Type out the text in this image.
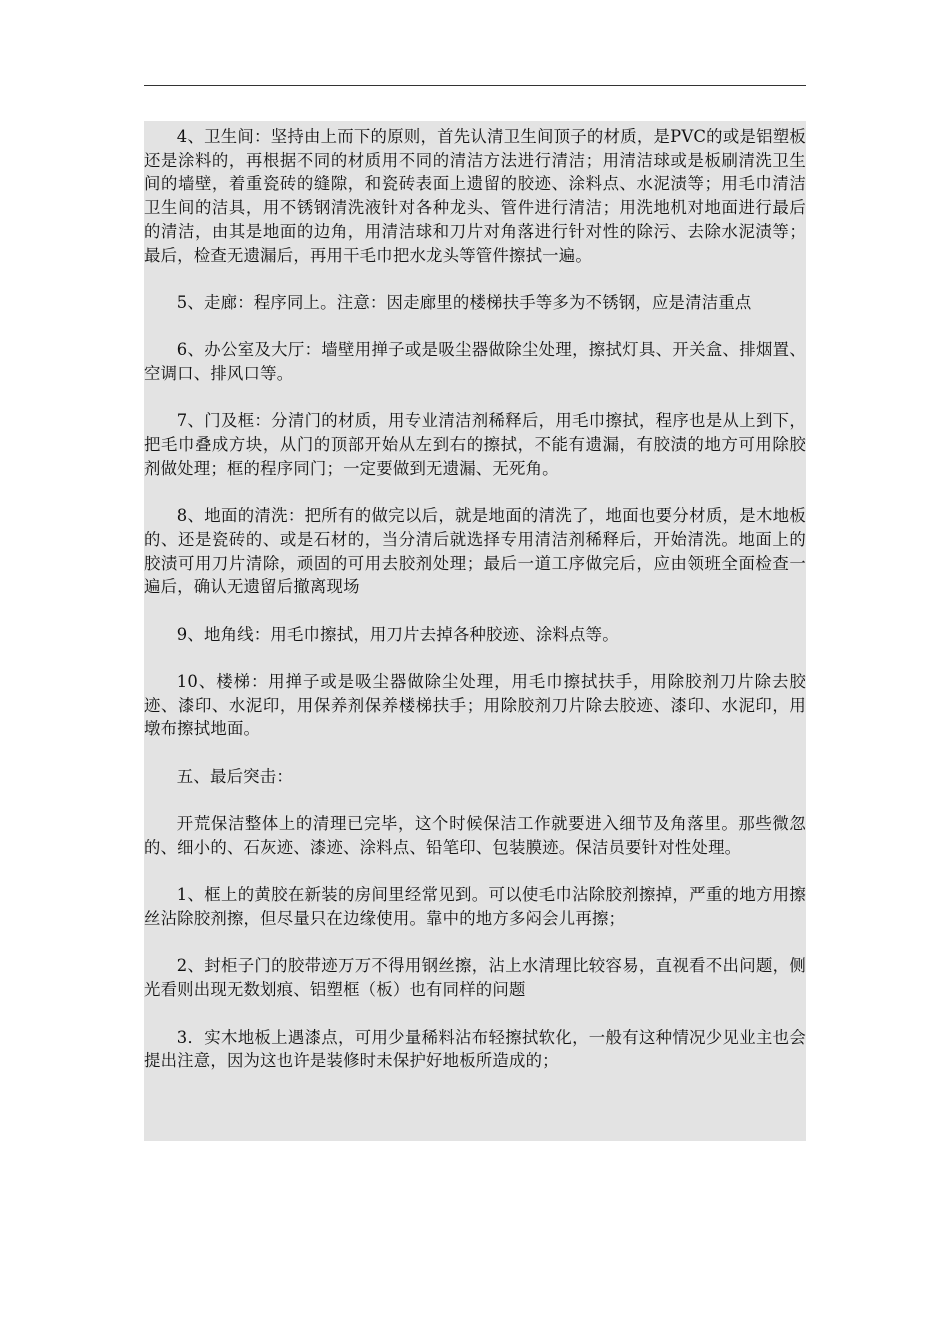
4、卫生间：坚持由上而下的原则，首先认清卫生间顶子的材质，是PVC的或是铝塑板还是涂料的，再根据不同的材质用不同的清洁方法进行清洁；用清洁球或是板刷清洗卫生间的墙壁，着重瓷砖的缝隙，和瓷砖表面上遗留的胶迹、涂料点、水泥渍等；用毛巾清洁卫生间的洁具，用不锈钢清洗液针对各种龙头、管件进行清洁；用洗地机对地面进行最后的清洁，由其是地面的边角，用清洁球和刀片对角落进行针对性的除污、去除水泥渍等；最后，检查无遗漏后，再用干毛巾把水龙头等管件擦拭一遍。

5、走廊：程序同上。注意：因走廊里的楼梯扶手等多为不锈钢，应是清洁重点

6、办公室及大厅：墙壁用掸子或是吸尘器做除尘处理，擦拭灯具、开关盒、排烟置、空调口、排风口等。

7、门及框：分清门的材质，用专业清洁剂稀释后，用毛巾擦拭，程序也是从上到下，把毛巾叠成方块，从门的顶部开始从左到右的擦拭，不能有遗漏，有胶渍的地方可用除胶剂做处理；框的程序同门；一定要做到无遗漏、无死角。

8、地面的清洗：把所有的做完以后，就是地面的清洗了，地面也要分材质，是木地板的、还是瓷砖的、或是石材的，当分清后就选择专用清洁剂稀释后，开始清洗。地面上的胶渍可用刀片清除，顽固的可用去胶剂处理；最后一道工序做完后，应由领班全面检查一遍后，确认无遗留后撤离现场

9、地角线：用毛巾擦拭，用刀片去掉各种胶迹、涂料点等。

10、楼梯：用掸子或是吸尘器做除尘处理，用毛巾擦拭扶手，用除胶剂刀片除去胶迹、漆印、水泥印，用保养剂保养楼梯扶手；用除胶剂刀片除去胶迹、漆印、水泥印，用墩布擦拭地面。

五、最后突击：

开荒保洁整体上的清理已完毕，这个时候保洁工作就要进入细节及角落里。那些微忽的、细小的、石灰迹、漆迹、涂料点、铅笔印、包装膜迹。保洁员要针对性处理。

1、框上的黄胶在新装的房间里经常见到。可以使毛巾沾除胶剂擦掉，严重的地方用擦丝沾除胶剂擦，但尽量只在边缘使用。靠中的地方多闷会儿再擦；

2、封柜子门的胶带迹万万不得用钢丝擦，沾上水清理比较容易，直视看不出问题，侧光看则出现无数划痕、铝塑框（板）也有同样的问题

3．实木地板上遇漆点，可用少量稀料沾布轻擦拭软化，一般有这种情况少见业主也会提出注意，因为这也许是装修时未保护好地板所造成的；
